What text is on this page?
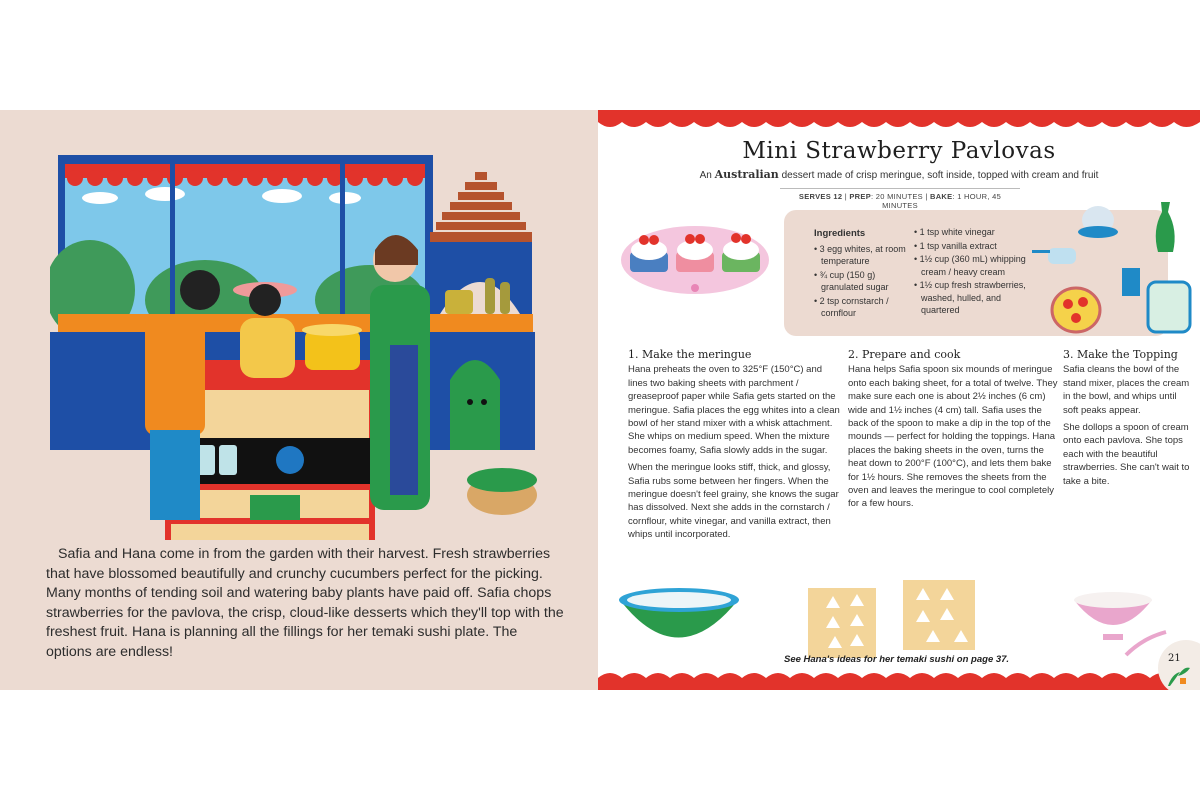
Safia and Hana come in from the garden with their harvest. Fresh strawberries that have blossomed beautifully and crunchy cucumbers perfect for the picking. Many months of tending soil and watering baby plants have paid off. Safia chops strawberries for the pavlova, the crisp, cloud-like desserts which they'll top with the freshest fruit. Hana is planning all the fillings for her temaki sushi plate. The options are endless!

Mini Strawberry Pavlovas
An Australian dessert made of crisp meringue, soft inside, topped with cream and fruit
SERVES 12 | PREP: 20 MINUTES | BAKE: 1 HOUR, 45 MINUTES
Ingredients
• 3 egg whites, at room temperature
• ¾ cup (150 g) granulated sugar
• 2 tsp cornstarch / cornflour
• 1 tsp white vinegar
• 1 tsp vanilla extract
• 1½ cup (360 mL) whipping cream / heavy cream
• 1½ cup fresh strawberries, washed, hulled, and quartered
1. Make the meringue

Hana preheats the oven to 325°F (150°C) and lines two baking sheets with parchment / greaseproof paper while Safia gets started on the meringue. Safia places the egg whites into a clean bowl of her stand mixer with a whisk attachment. She whips on medium speed. When the mixture becomes foamy, Safia slowly adds in the sugar.

When the meringue looks stiff, thick, and glossy, Safia rubs some between her fingers. When the meringue doesn't feel grainy, she knows the sugar has dissolved. Next she adds in the cornstarch / cornflour, white vinegar, and vanilla extract, then whips until incorporated.

2. Prepare and cook

Hana helps Safia spoon six mounds of meringue onto each baking sheet, for a total of twelve. They make sure each one is about 2½ inches (6 cm) wide and 1½ inches (4 cm) tall. Safia uses the back of the spoon to make a dip in the top of the mounds — perfect for holding the toppings. Hana places the baking sheets in the oven, turns the heat down to 200°F (100°C), and lets them bake for 1½ hours. She removes the sheets from the oven and leaves the meringue to cool completely for a few hours.

3. Make the Topping

Safia cleans the bowl of the stand mixer, places the cream in the bowl, and whips until soft peaks appear.

She dollops a spoon of cream onto each pavlova. She tops each with the beautiful strawberries. She can't wait to take a bite.

See Hana's ideas for her temaki sushi on page 37.	21
